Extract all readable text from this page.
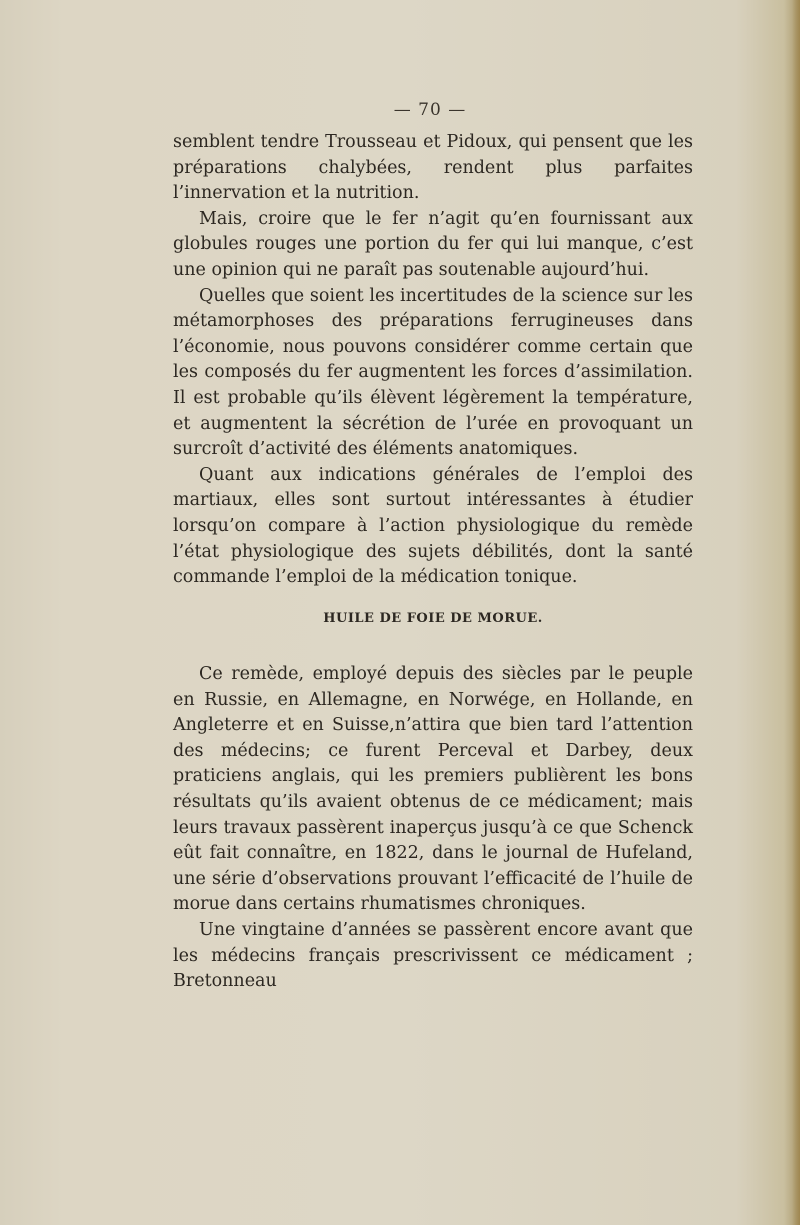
— 70 —

semblent tendre Trousseau et Pidoux, qui pensent que les préparations chalybées, rendent plus parfaites l’innervation et la nutrition.

Mais, croire que le fer n’agit qu’en fournissant aux globules rouges une portion du fer qui lui manque, c’est une opinion qui ne paraît pas soutenable aujourd’hui.

Quelles que soient les incertitudes de la science sur les métamorphoses des préparations ferrugineuses dans l’économie, nous pouvons considérer comme certain que les composés du fer augmentent les forces d’assimilation. Il est probable qu’ils élèvent légèrement la température, et augmentent la sécrétion de l’urée en provoquant un surcroît d’activité des éléments anatomiques.

Quant aux indications générales de l’emploi des martiaux, elles sont surtout intéressantes à étudier lorsqu’on compare à l’action physiologique du remède l’état physiologique des sujets débilités, dont la santé commande l’emploi de la médication tonique.

HUILE DE FOIE DE MORUE.

Ce remède, employé depuis des siècles par le peuple en Russie, en Allemagne, en Norwége, en Hollande, en Angleterre et en Suisse,n’attira que bien tard l’attention des médecins; ce furent Perceval et Darbey, deux praticiens anglais, qui les premiers publièrent les bons résultats qu’ils avaient obtenus de ce médicament; mais leurs travaux passèrent inaperçus jusqu’à ce que Schenck eût fait connaître, en 1822, dans le journal de Hufeland, une série d’observations prouvant l’efficacité de l’huile de morue dans certains rhumatismes chroniques.

Une vingtaine d’années se passèrent encore avant que les médecins français prescrivissent ce médicament ; Bretonneau
